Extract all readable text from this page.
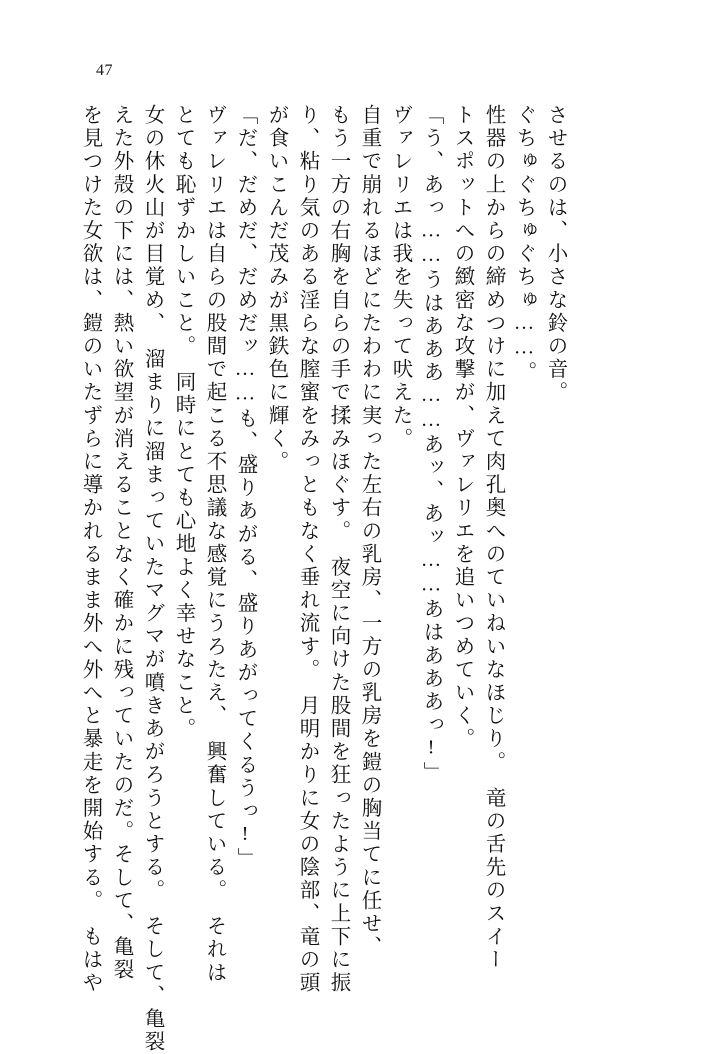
47
を見つけた女欲は、鎧のいたずらに導かれるまま外へ外へと暴走を開始する。　もはや えた外殻の下には、熱い欲望が消えることなく確かに残っていたのだ。そして、亀裂 女の休火山が目覚め、　溜まりに溜まっていたマグマが噴きあがろうとする。　そして、亀裂 とても恥ずかしいこと。　同時にとても心地よく幸せなこと。 ヴァレリエは自らの股間で起こる不思議な感覚にうろたえ、　興奮している。　それは 「だ、だめだ、だめだッ……も、盛りあがる、盛りあがってくるうっ!」 が食いこんだ茂みが黒鉄色に輝く。 り、粘り気のある淫らな膣蜜をみっともなく垂れ流す。　月明かりに女の陰部、竜の頭 もう一方の右胸を自らの手で揉みほぐす。　夜空に向けた股間を狂ったように上下に振 自重で崩れるほどにたわわに実った左右の乳房、一方の乳房を鎧の胸当てに任せ、 ヴァレリエは我を失って吠えた。 「う、あっ……うはあああ……あッ、あッ……あはあああっ!」 トスポットへの緻密な攻撃が、ヴァレリエを追いつめていく。 性器の上からの締めつけに加えて肉孔奥へのていねいなほじり。　竜の舌先のスイー ぐちゅぐちゅぐちゅ……。 させるのは、小さな鈴の音。
